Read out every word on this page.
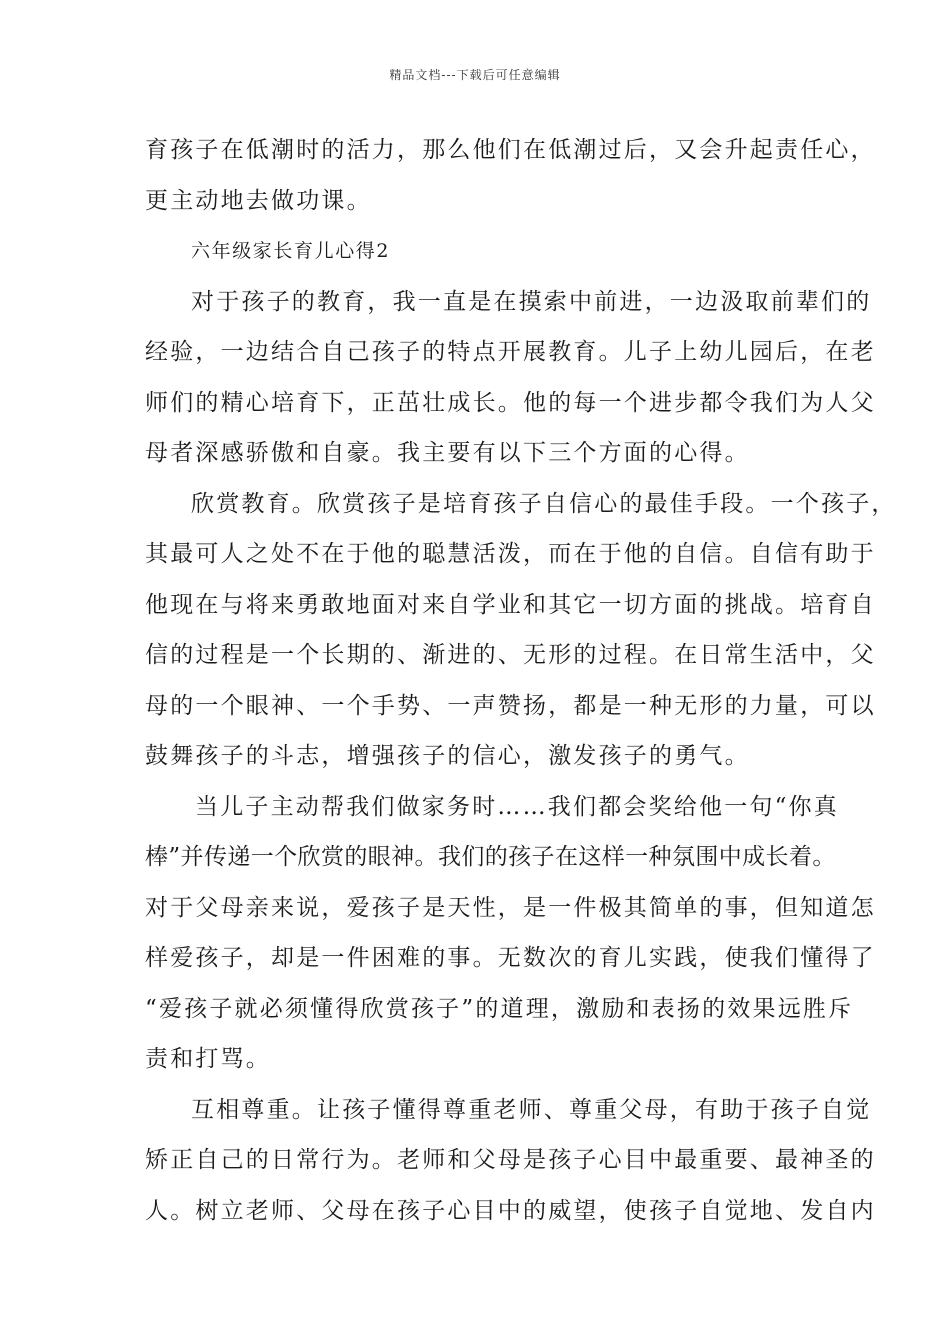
精品文档---下载后可任意编辑
育孩子在低潮时的活力，那么他们在低潮过后，又会升起责任心，
更主动地去做功课。
六年级家长育儿心得2
对于孩子的教育，我一直是在摸索中前进，一边汲取前辈们的
经验，一边结合自己孩子的特点开展教育。儿子上幼儿园后，在老
师们的精心培育下，正茁壮成长。他的每一个进步都令我们为人父
母者深感骄傲和自豪。我主要有以下三个方面的心得。
欣赏教育。欣赏孩子是培育孩子自信心的最佳手段。一个孩子，
其最可人之处不在于他的聪慧活泼，而在于他的自信。自信有助于
他现在与将来勇敢地面对来自学业和其它一切方面的挑战。培育自
信的过程是一个长期的、渐进的、无形的过程。在日常生活中，父
母的一个眼神、一个手势、一声赞扬，都是一种无形的力量，可以
鼓舞孩子的斗志，增强孩子的信心，激发孩子的勇气。
当儿子主动帮我们做家务时……我们都会奖给他一句“你真
棒”并传递一个欣赏的眼神。我们的孩子在这样一种氛围中成长着。
对于父母亲来说，爱孩子是天性，是一件极其简单的事，但知道怎
样爱孩子，却是一件困难的事。无数次的育儿实践，使我们懂得了
“爱孩子就必须懂得欣赏孩子”的道理，激励和表扬的效果远胜斥
责和打骂。
互相尊重。让孩子懂得尊重老师、尊重父母，有助于孩子自觉
矫正自己的日常行为。老师和父母是孩子心目中最重要、最神圣的
人。树立老师、父母在孩子心目中的威望，使孩子自觉地、发自内
